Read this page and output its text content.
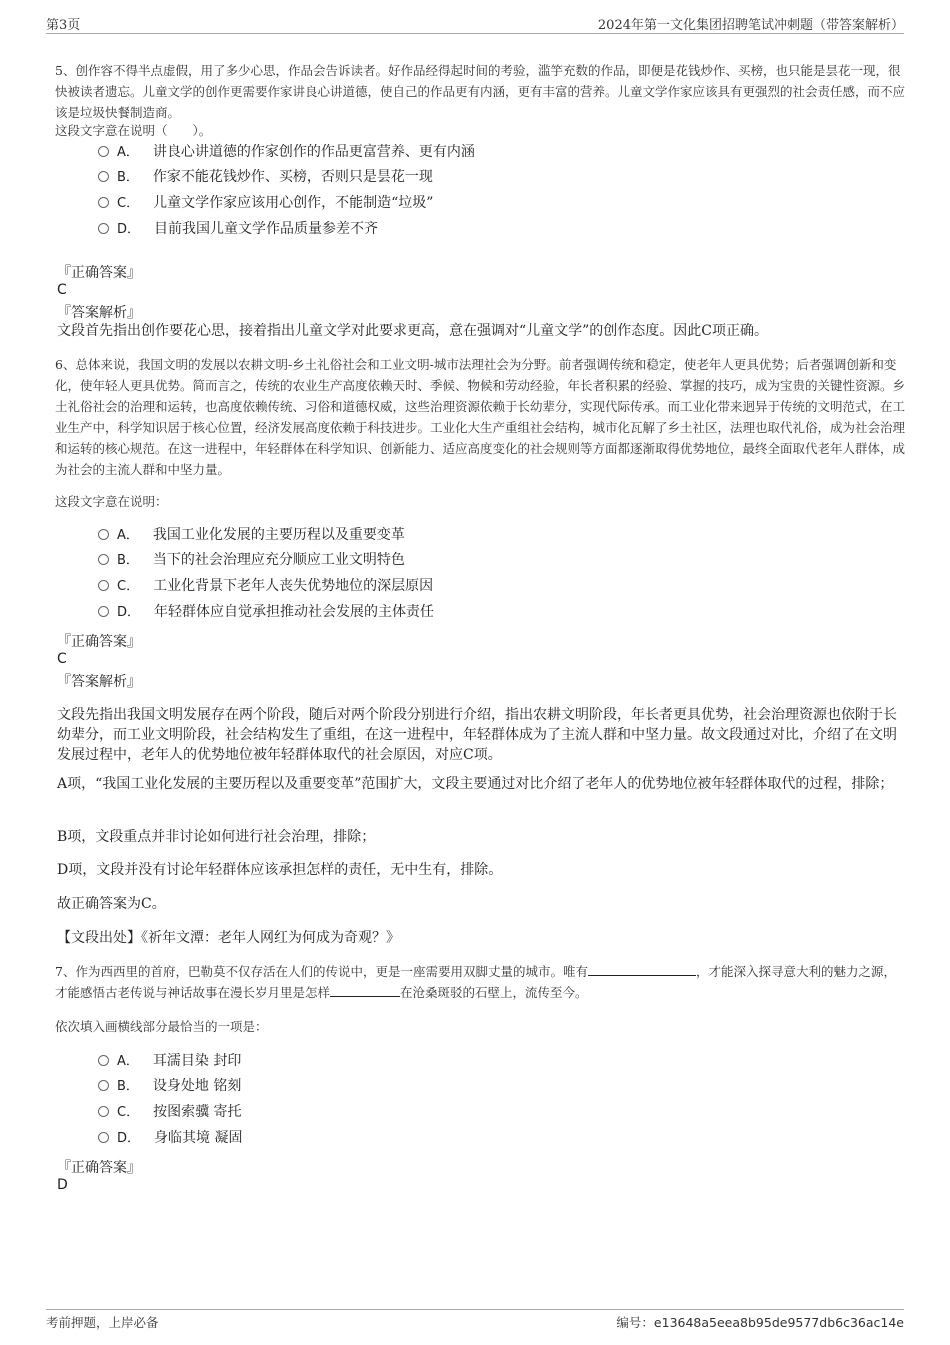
第3页	2024年第一文化集团招聘笔试冲刺题（带答案解析）
5、创作容不得半点虚假，用了多少心思，作品会告诉读者。好作品经得起时间的考验，滥竽充数的作品，即便是花钱炒作、买榜，也只能是昙花一现，很快被读者遗忘。儿童文学的创作更需要作家讲良心讲道德，使自己的作品更有内涵，更有丰富的营养。儿童文学作家应该具有更强烈的社会责任感，而不应该是垃圾快餐制造商。
这段文字意在说明（　　）。
A． 讲良心讲道德的作家创作的作品更富营养、更有内涵
B． 作家不能花钱炒作、买榜，否则只是昙花一现
C． 儿童文学作家应该用心创作，不能制造“垃圾”
D． 目前我国儿童文学作品质量参差不齐
『正确答案』
C
『答案解析』
文段首先指出创作要花心思，接着指出儿童文学对此要求更高，意在强调对“儿童文学”的创作态度。因此C项正确。
6、总体来说，我国文明的发展以农耕文明-乡土礼俗社会和工业文明-城市法理社会为分野。前者强调传统和稳定，使老年人更具优势；后者强调创新和变化，使年轻人更具优势。简而言之，传统的农业生产高度依赖天时、季候、物候和劳动经验，年长者积累的经验、掌握的技巧，成为宝贵的关键性资源。乡土礼俗社会的治理和运转，也高度依赖传统、习俗和道德权威，这些治理资源依赖于长幼辈分，实现代际传承。而工业化带来迥异于传统的文明范式，在工业生产中，科学知识居于核心位置，经济发展高度依赖于科技进步。工业化大生产重组社会结构，城市化瓦解了乡土社区，法理也取代礼俗，成为社会治理和运转的核心规范。在这一进程中，年轻群体在科学知识、创新能力、适应高度变化的社会规则等方面都逐渐取得优势地位，最终全面取代老年人群体，成为社会的主流人群和中坚力量。
这段文字意在说明：
A． 我国工业化发展的主要历程以及重要变革
B． 当下的社会治理应充分顺应工业文明特色
C． 工业化背景下老年人丧失优势地位的深层原因
D． 年轻群体应自觉承担推动社会发展的主体责任
『正确答案』
C
『答案解析』
文段先指出我国文明发展存在两个阶段，随后对两个阶段分别进行介绍，指出农耕文明阶段，年长者更具优势，社会治理资源也依附于长幼辈分，而工业文明阶段，社会结构发生了重组，在这一进程中，年轻群体成为了主流人群和中坚力量。故文段通过对比，介绍了在文明发展过程中，老年人的优势地位被年轻群体取代的社会原因，对应C项。
A项，“我国工业化发展的主要历程以及重要变革”范围扩大，文段主要通过对比介绍了老年人的优势地位被年轻群体取代的过程，排除；
B项，文段重点并非讨论如何进行社会治理，排除；
D项，文段并没有讨论年轻群体应该承担怎样的责任，无中生有，排除。
故正确答案为C。
【文段出处】《祈年文潭：老年人网红为何成为奇观？》
7、作为西西里的首府，巴勒莫不仅存活在人们的传说中，更是一座需要用双脚丈量的城市。唯有	，才能深入探寻意大利的魅力之源，才能感悟古老传说与神话故事在漫长岁月里是怎样	在沧桑斑驳的石壁上，流传至今。
依次填入画横线部分最恰当的一项是：
A． 耳濡目染 封印
B． 设身处地 铭刻
C． 按图索骥 寄托
D． 身临其境 凝固
『正确答案』
D
考前押题，上岸必备	编号：e13648a5eea8b95de9577db6c36ac14e
